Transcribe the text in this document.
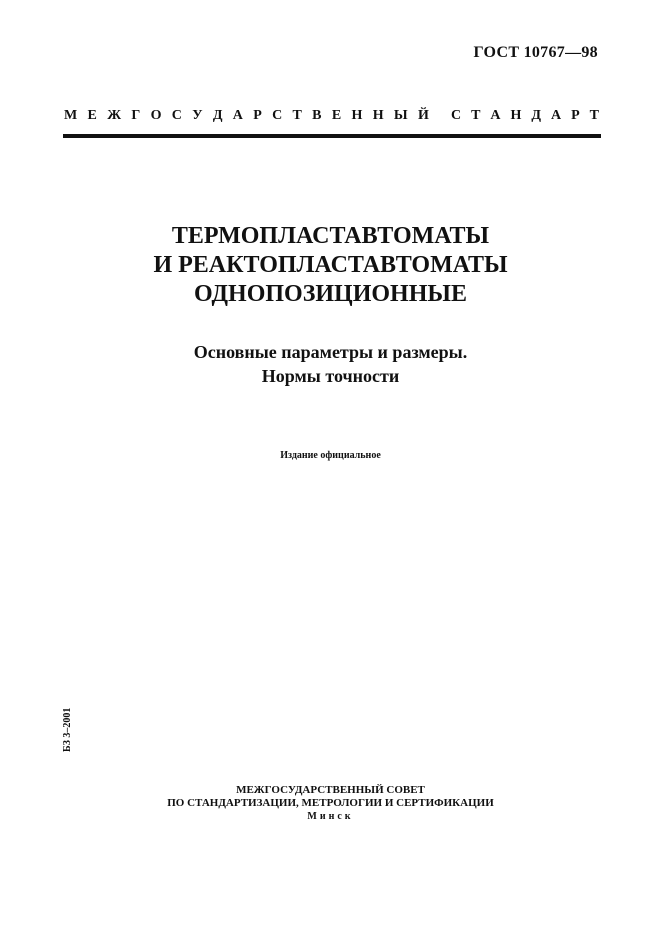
ГОСТ 10767—98
М Е Ж Г О С У Д А Р С Т В Е Н Н Ы Й С Т А Н Д А Р Т
ТЕРМОПЛАСТАВТОМАТЫ
И РЕАКТОПЛАСТАВТОМАТЫ
ОДНОПОЗИЦИОННЫЕ
Основные параметры и размеры.
Нормы точности
Издание официальное
БЗ 3–2001
МЕЖГОСУДАРСТВЕННЫЙ СОВЕТ
ПО СТАНДАРТИЗАЦИИ, МЕТРОЛОГИИ И СЕРТИФИКАЦИИ
Минск
